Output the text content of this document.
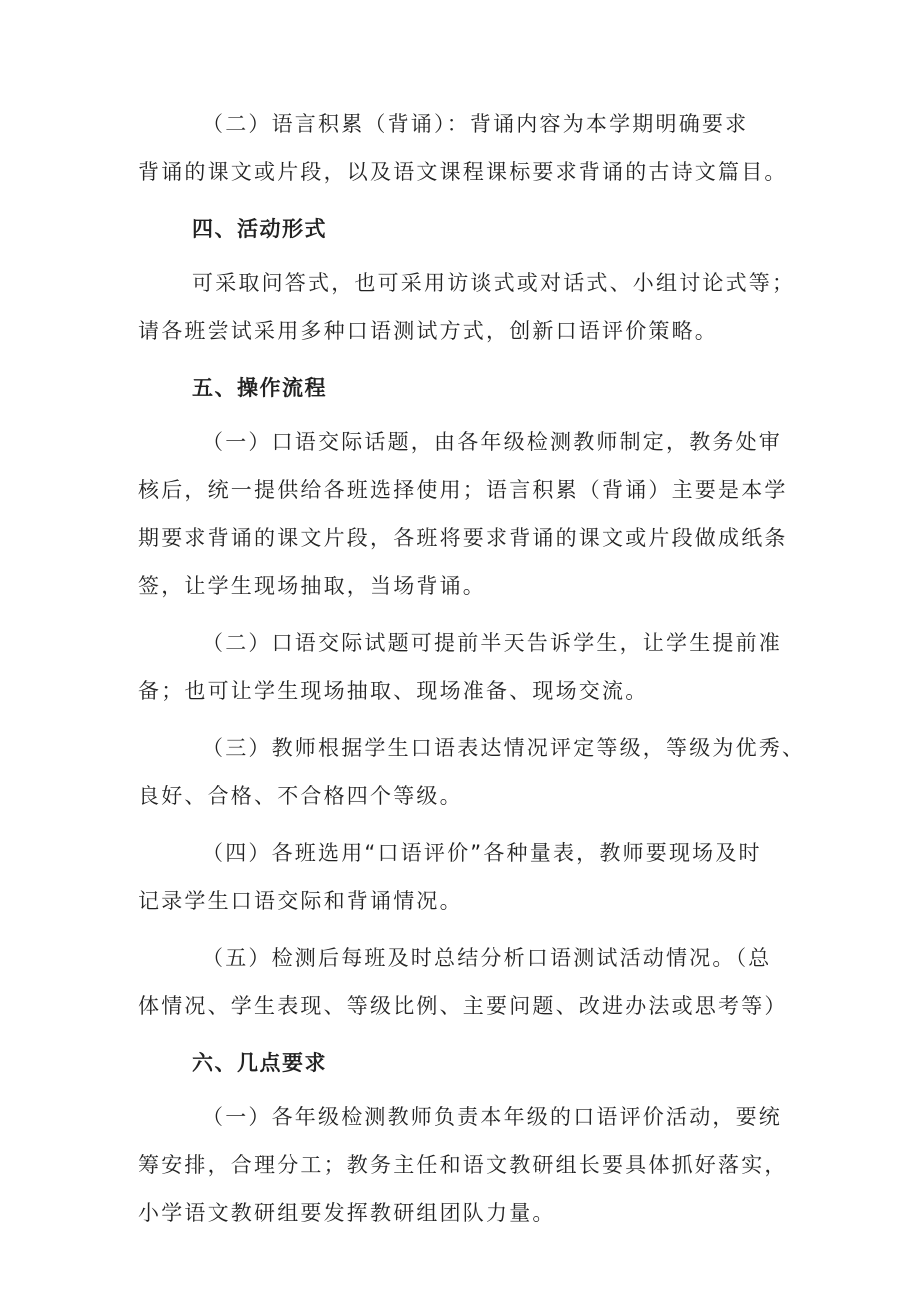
（二）语言积累（背诵）：背诵内容为本学期明确要求
背诵的课文或片段，以及语文课程课标要求背诵的古诗文篇目。
四、活动形式
可采取问答式，也可采用访谈式或对话式、小组讨论式等；
请各班尝试采用多种口语测试方式，创新口语评价策略。
五、操作流程
（一）口语交际话题，由各年级检测教师制定，教务处审
核后，统一提供给各班选择使用；语言积累（背诵）主要是本学
期要求背诵的课文片段，各班将要求背诵的课文或片段做成纸条
签，让学生现场抽取，当场背诵。
（二）口语交际试题可提前半天告诉学生，让学生提前准
备；也可让学生现场抽取、现场准备、现场交流。
（三）教师根据学生口语表达情况评定等级，等级为优秀、
良好、合格、不合格四个等级。
（四）各班选用“口语评价”各种量表，教师要现场及时
记录学生口语交际和背诵情况。
（五）检测后每班及时总结分析口语测试活动情况。（总
体情况、学生表现、等级比例、主要问题、改进办法或思考等）
六、几点要求
（一）各年级检测教师负责本年级的口语评价活动，要统
筹安排，合理分工；教务主任和语文教研组长要具体抓好落实，
小学语文教研组要发挥教研组团队力量。
